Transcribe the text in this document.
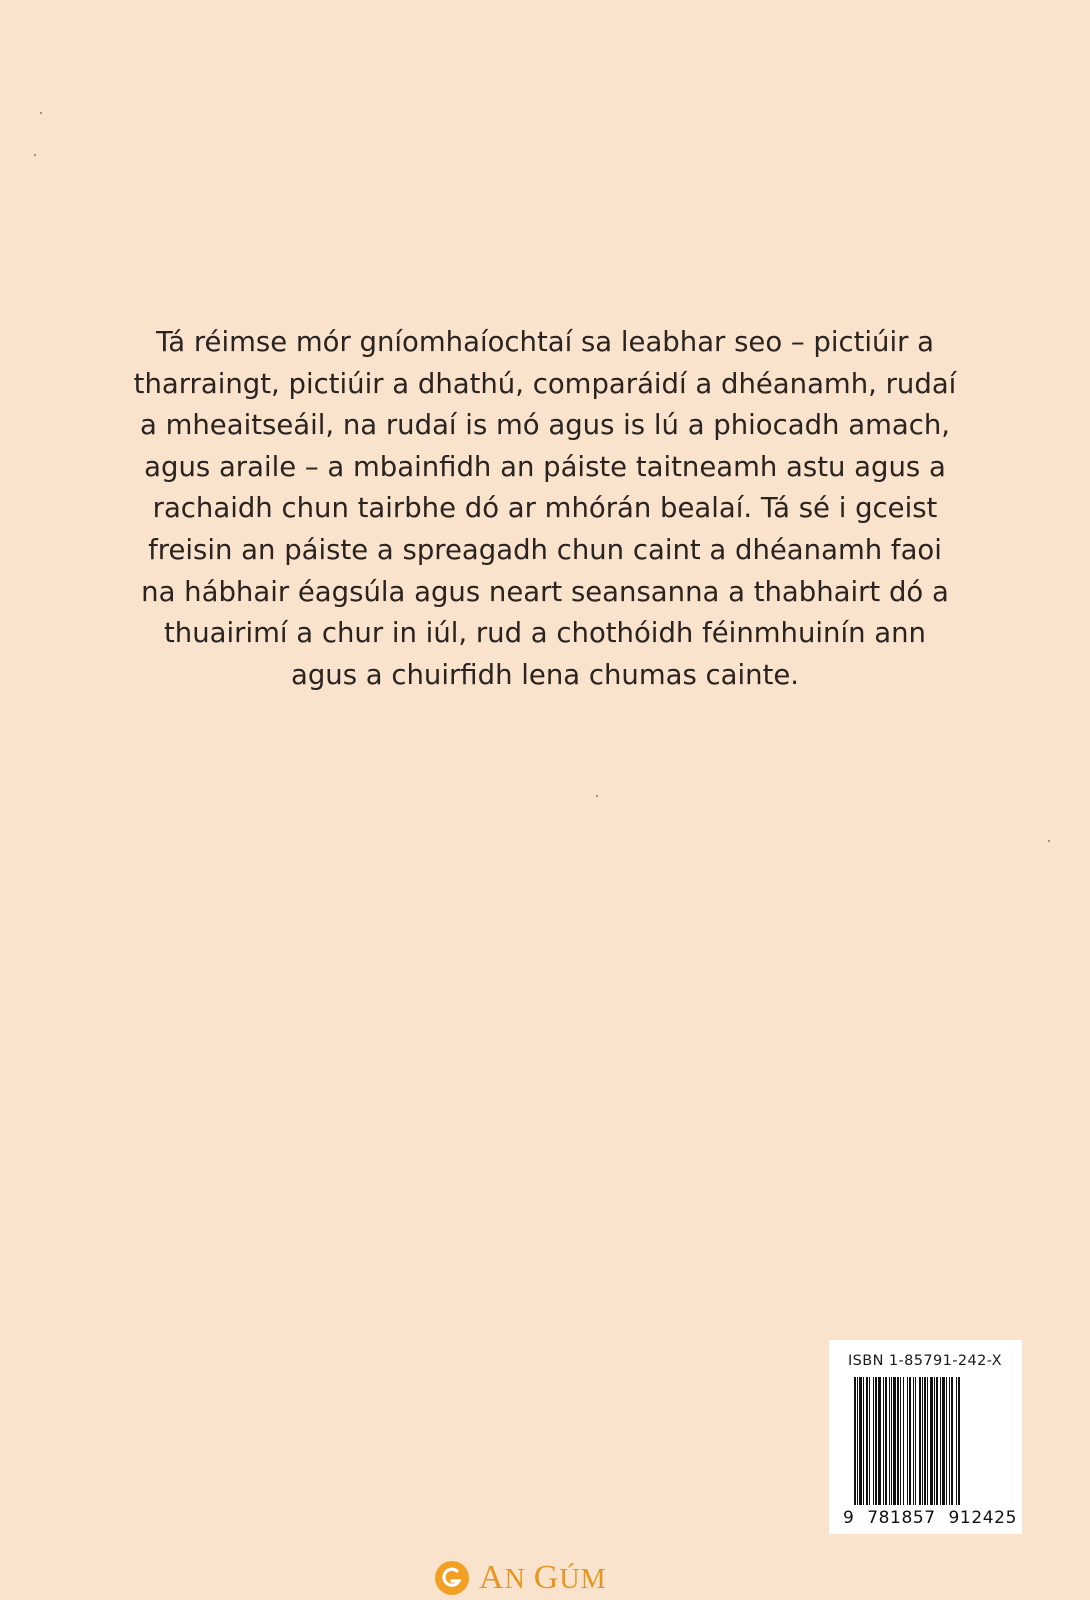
Tá réimse mór gníomhaíochtaí sa leabhar seo – pictiúir a
tharraingt, pictiúir a dhathú, comparáidí a dhéanamh, rudaí
a mheaitseáil, na rudaí is mó agus is lú a phiocadh amach,
agus araile – a mbainfidh an páiste taitneamh astu agus a
rachaidh chun tairbhe dó ar mhórán bealaí. Tá sé i gceist
freisin an páiste a spreagadh chun caint a dhéanamh faoi
na hábhair éagsúla agus neart seansanna a thabhairt dó a
thuairimí a chur in iúl, rud a chothóidh féinmhuinín ann
agus a chuirfidh lena chumas cainte.
ISBN 1-85791-242-X
9 781857 912425
AN GÚM
